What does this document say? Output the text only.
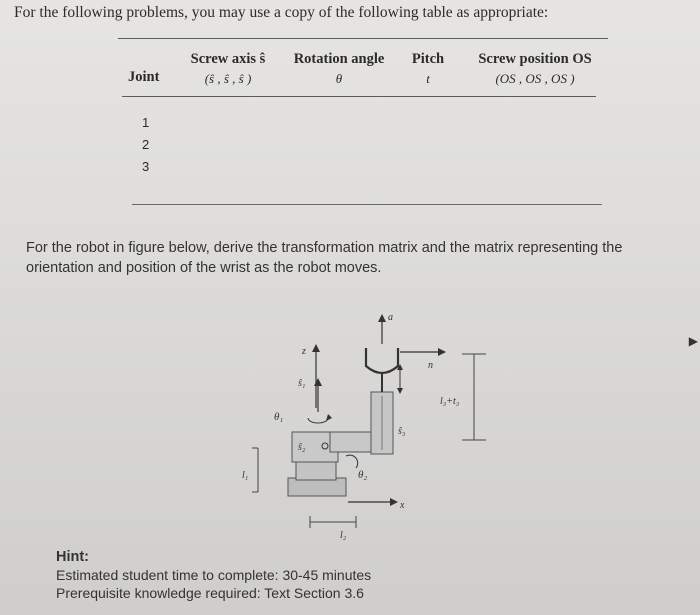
For the following problems, you may use a copy of the following table as appropriate:
Screw axis ŝ
(ŝ , ŝ , ŝ )
Rotation angle
θ
Pitch
t
Screw position OS
(OS , OS , OS )
Joint
1
2
3
For the robot in figure below, derive the transformation matrix and the matrix representing the orientation and position of the wrist as the robot moves.
l₁
z
ŝ₁
θ₁
ŝ₂
a
n
ŝ₃
l₃+t₃
θ₂
x
l₂
Hint:
Estimated student time to complete: 30-45 minutes
Prerequisite knowledge required: Text Section 3.6
▶
